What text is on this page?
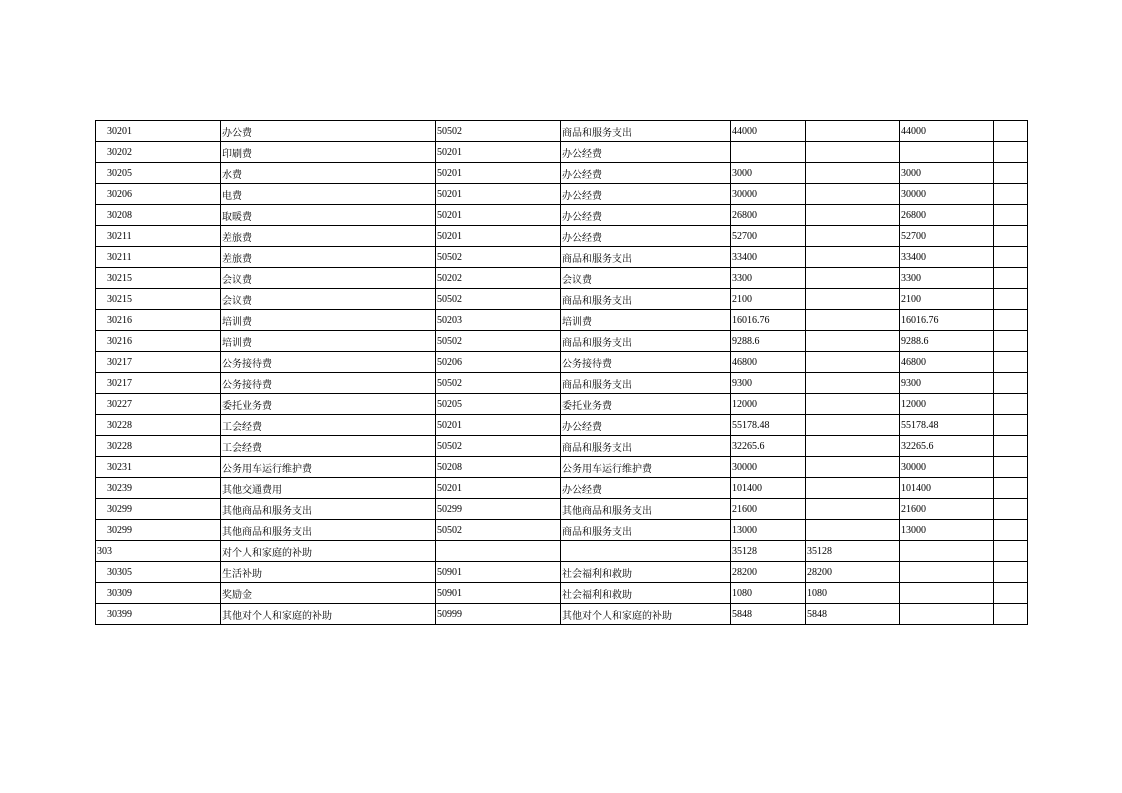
30201	办公费	50502	商品和服务支出	44000		44000	
30202	印刷费	50201	办公经费				
30205	水费	50201	办公经费	3000		3000	
30206	电费	50201	办公经费	30000		30000	
30208	取暖费	50201	办公经费	26800		26800	
30211	差旅费	50201	办公经费	52700		52700	
30211	差旅费	50502	商品和服务支出	33400		33400	
30215	会议费	50202	会议费	3300		3300	
30215	会议费	50502	商品和服务支出	2100		2100	
30216	培训费	50203	培训费	16016.76		16016.76	
30216	培训费	50502	商品和服务支出	9288.6		9288.6	
30217	公务接待费	50206	公务接待费	46800		46800	
30217	公务接待费	50502	商品和服务支出	9300		9300	
30227	委托业务费	50205	委托业务费	12000		12000	
30228	工会经费	50201	办公经费	55178.48		55178.48	
30228	工会经费	50502	商品和服务支出	32265.6		32265.6	
30231	公务用车运行维护费	50208	公务用车运行维护费	30000		30000	
30239	其他交通费用	50201	办公经费	101400		101400	
30299	其他商品和服务支出	50299	其他商品和服务支出	21600		21600	
30299	其他商品和服务支出	50502	商品和服务支出	13000		13000	
303	对个人和家庭的补助			35128	35128		
30305	生活补助	50901	社会福利和救助	28200	28200		
30309	奖励金	50901	社会福利和救助	1080	1080		
30399	其他对个人和家庭的补助	50999	其他对个人和家庭的补助	5848	5848		
